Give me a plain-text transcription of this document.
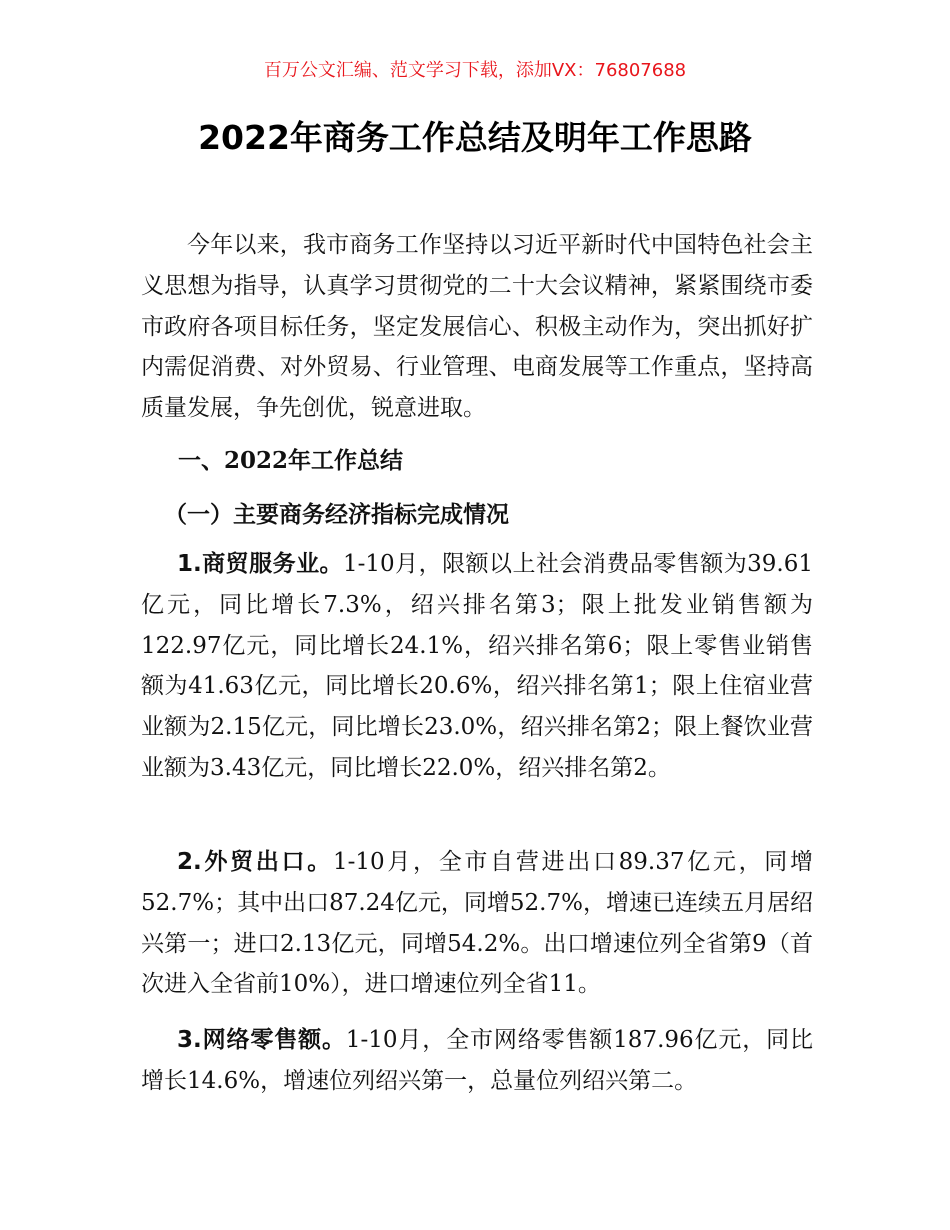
百万公文汇编、范文学习下载，添加VX：76807688
2022年商务工作总结及明年工作思路

今年以来，我市商务工作坚持以习近平新时代中国特色社会主义思想为指导，认真学习贯彻党的二十大会议精神，紧紧围绕市委市政府各项目标任务，坚定发展信心、积极主动作为，突出抓好扩内需促消费、对外贸易、行业管理、电商发展等工作重点，坚持高质量发展，争先创优，锐意进取。

一、2022年工作总结
（一）主要商务经济指标完成情况

1.商贸服务业。1-10月，限额以上社会消费品零售额为39.61亿元，同比增长7.3%，绍兴排名第3；限上批发业销售额为122.97亿元，同比增长24.1%，绍兴排名第6；限上零售业销售额为41.63亿元，同比增长20.6%，绍兴排名第1；限上住宿业营业额为2.15亿元，同比增长23.0%，绍兴排名第2；限上餐饮业营业额为3.43亿元，同比增长22.0%，绍兴排名第2。

2.外贸出口。1-10月，全市自营进出口89.37亿元，同增52.7%；其中出口87.24亿元，同增52.7%，增速已连续五月居绍兴第一；进口2.13亿元，同增54.2%。出口增速位列全省第9（首次进入全省前10%），进口增速位列全省11。

3.网络零售额。1-10月，全市网络零售额187.96亿元，同比增长14.6%，增速位列绍兴第一，总量位列绍兴第二。
